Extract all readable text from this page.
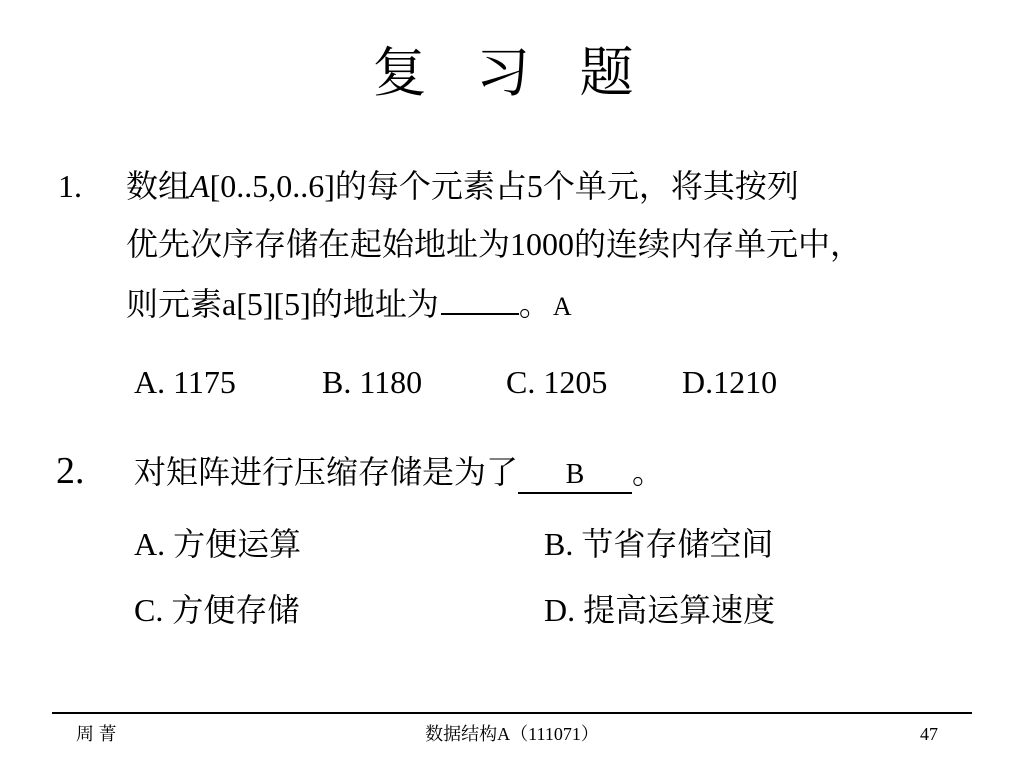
复 习 题
1. 数组A[0..5,0..6]的每个元素占5个单元，将其按列
优先次序存储在起始地址为1000的连续内存单元中，
则元素a[5][5]的地址为	。A
A. 1175	B. 1180	C. 1205 D.1210
2. 对矩阵进行压缩存储是为了 B 。
A. 方便运算	B. 节省存储空间
C. 方便存储	D. 提高运算速度
周 菁	数据结构A（111071）	47
